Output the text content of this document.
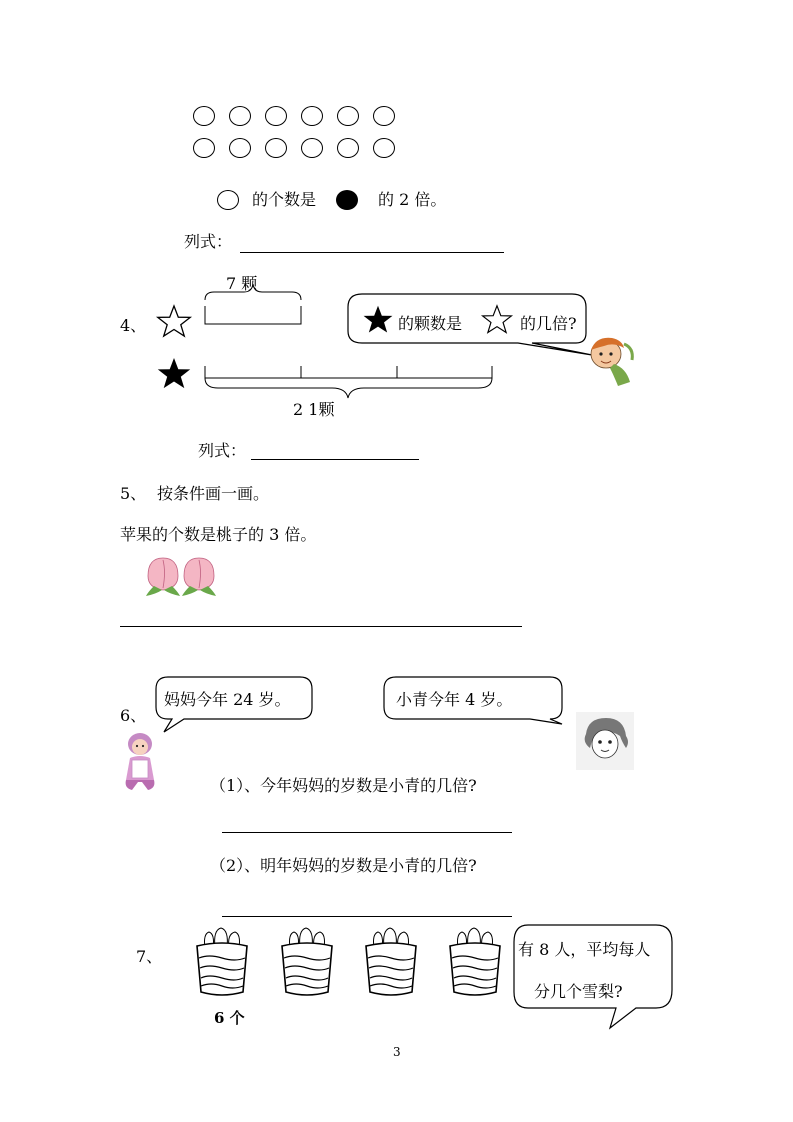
的个数是	的 2 倍。
列式：
4、
7 颗
2 1颗
的颗数是	的几倍?
列式：
5、 按条件画一画。
苹果的个数是桃子的 3 倍。
6、
妈妈今年 24 岁。	小青今年 4 岁。
（1）、今年妈妈的岁数是小青的几倍?
（2）、明年妈妈的岁数是小青的几倍?
7、
6 个
有 8 人，平均每人
分几个雪梨?
3
